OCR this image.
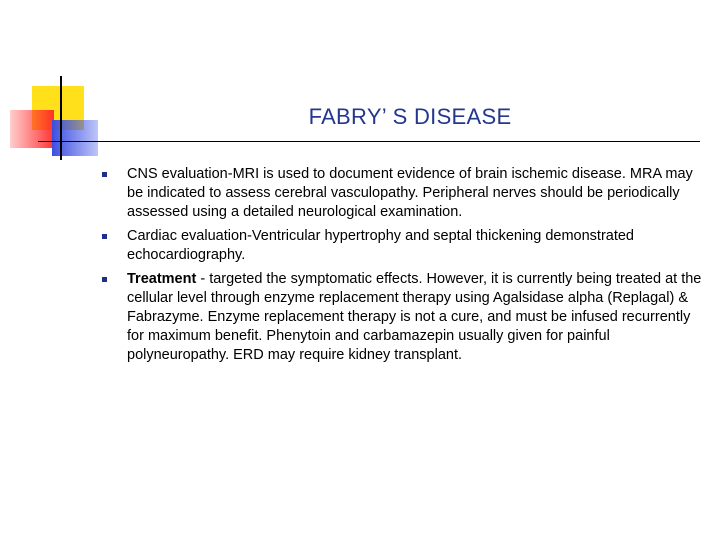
FABRY’ S DISEASE
CNS evaluation-MRI is used to document evidence of brain ischemic disease. MRA may be indicated to assess cerebral vasculopathy. Peripheral nerves should be periodically assessed using a detailed neurological examination.
Cardiac evaluation-Ventricular hypertrophy and septal thickening demonstrated echocardiography.
Treatment - targeted the symptomatic effects. However, it is currently being treated at the cellular level through enzyme replacement therapy using Agalsidase alpha (Replagal) & Fabrazyme. Enzyme replacement therapy is not a cure, and must be infused recurrently for maximum benefit. Phenytoin and carbamazepin usually given for painful polyneuropathy. ERD may require kidney transplant.
